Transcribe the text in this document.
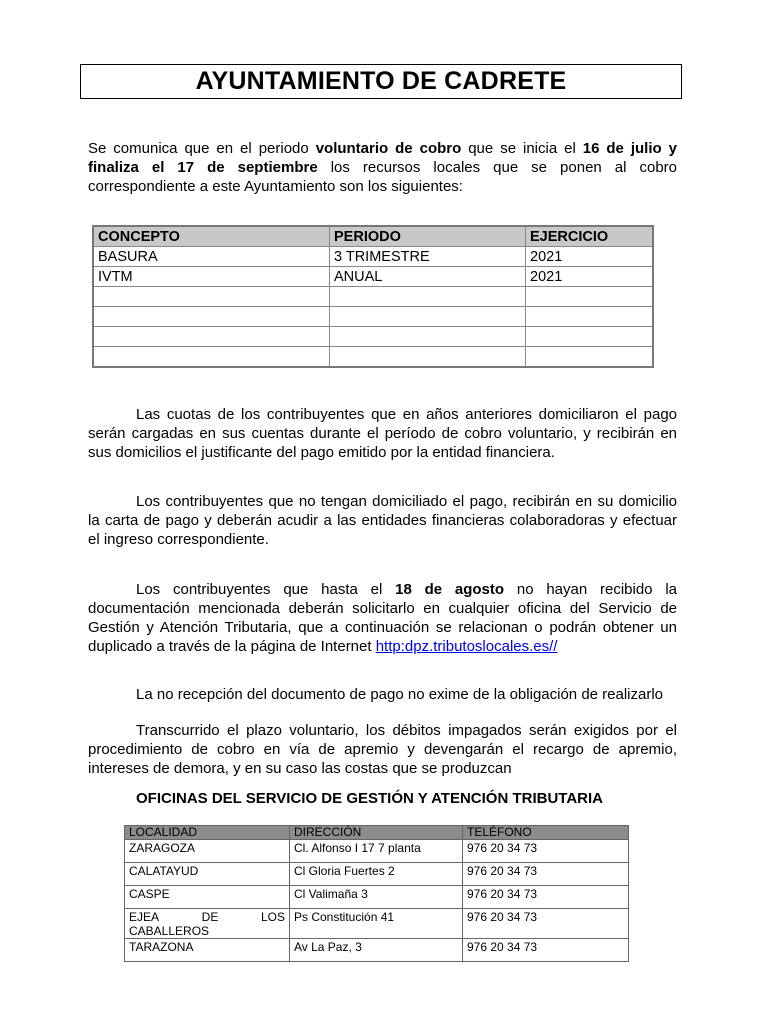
AYUNTAMIENTO DE CADRETE

Se comunica que en el periodo voluntario de cobro que se inicia el 16 de julio y finaliza el 17 de septiembre los recursos locales que se ponen al cobro correspondiente a este Ayuntamiento son los siguientes:

CONCEPTO	PERIODO	EJERCICIO
BASURA	3 TRIMESTRE	2021
IVTM	ANUAL	2021

Las cuotas de los contribuyentes que en años anteriores domiciliaron el pago serán cargadas en sus cuentas durante el período de cobro voluntario, y recibirán en sus domicilios el justificante del pago emitido por la entidad financiera.

Los contribuyentes que no tengan domiciliado el pago, recibirán en su domicilio la carta de pago y deberán acudir a las entidades financieras colaboradoras y efectuar el ingreso correspondiente.

Los contribuyentes que hasta el 18 de agosto no hayan recibido la documentación mencionada deberán solicitarlo en cualquier oficina del Servicio de Gestión y Atención Tributaria, que a continuación se relacionan o podrán obtener un duplicado a través de la página de Internet http:dpz.tributoslocales.es//

La no recepción del documento de pago no exime de la obligación de realizarlo

Transcurrido el plazo voluntario, los débitos impagados serán exigidos por el procedimiento de cobro en vía de apremio y devengarán el recargo de apremio, intereses de demora, y en su caso las costas que se produzcan

OFICINAS DEL SERVICIO DE GESTIÓN Y ATENCIÓN TRIBUTARIA
LOCALIDAD	DIRECCIÓN	TELÉFONO
ZARAGOZA	Cl. Alfonso I 17 7 planta	976 20 34 73
CALATAYUD	Cl Gloria Fuertes 2	976 20 34 73
CASPE	Cl Valimaña 3	976 20 34 73

EJEA DE LOS
CABALLEROS	Ps Constitución 41	976 20 34 73
TARAZONA	Av La Paz, 3	976 20 34 73
